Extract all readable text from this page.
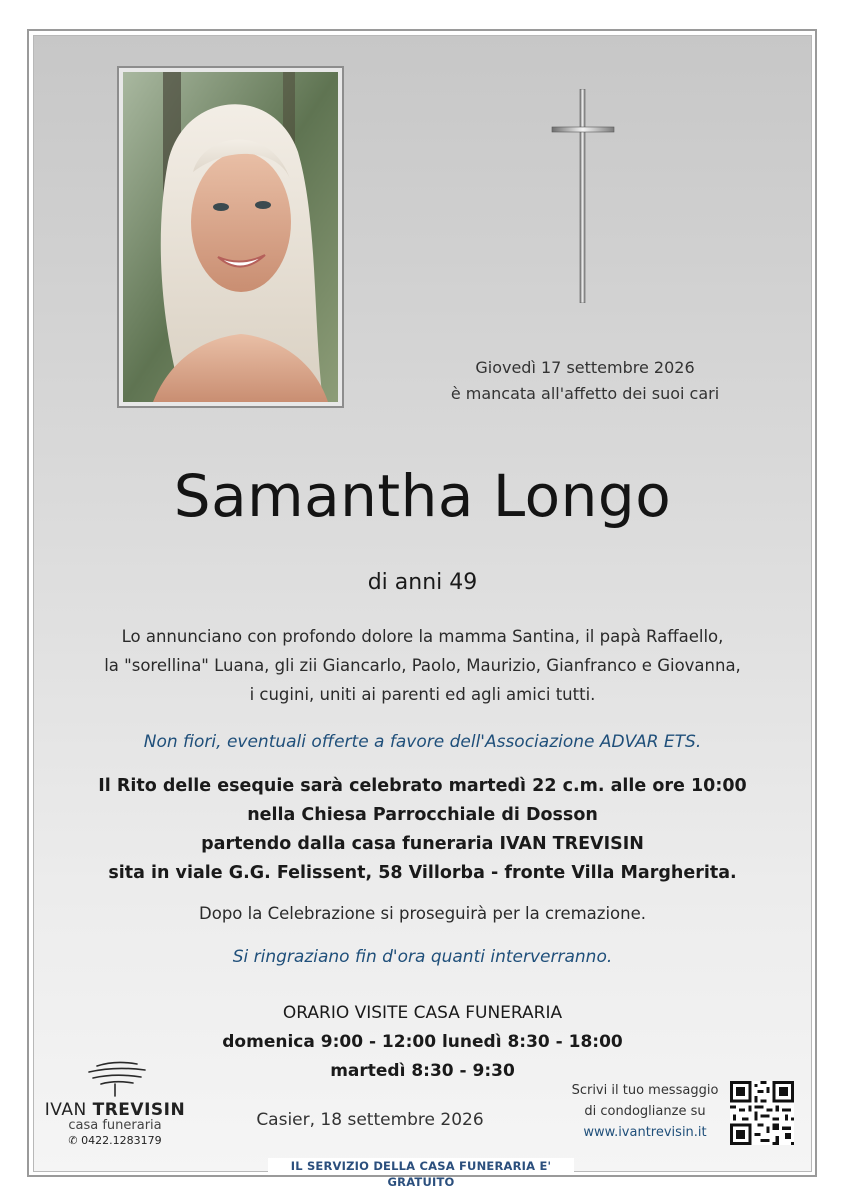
Giovedì 17 settembre 2026
è mancata all'affetto dei suoi cari
Samantha Longo
di anni 49
Lo annunciano con profondo dolore la mamma Santina, il papà Raffaello,
la "sorellina" Luana, gli zii Giancarlo, Paolo, Maurizio, Gianfranco e Giovanna,
i cugini, uniti ai parenti ed agli amici tutti.
Non fiori, eventuali offerte a favore dell'Associazione ADVAR ETS.
Il Rito delle esequie sarà celebrato martedì 22 c.m. alle ore 10:00
nella Chiesa Parrocchiale di Dosson
partendo dalla casa funeraria IVAN TREVISIN
sita in viale G.G. Felissent, 58 Villorba - fronte Villa Margherita.
Dopo la Celebrazione si proseguirà per la cremazione.
Si ringraziano fin d'ora quanti interverranno.
ORARIO VISITE CASA FUNERARIA
domenica 9:00 - 12:00 lunedì 8:30 - 18:00
martedì 8:30 - 9:30
IVAN TREVISIN
casa funeraria
✆ 0422.1283179
Casier, 18 settembre 2026
Scrivi il tuo messaggio
di condoglianze su
www.ivantrevisin.it
IL SERVIZIO DELLA CASA FUNERARIA E' GRATUITO
